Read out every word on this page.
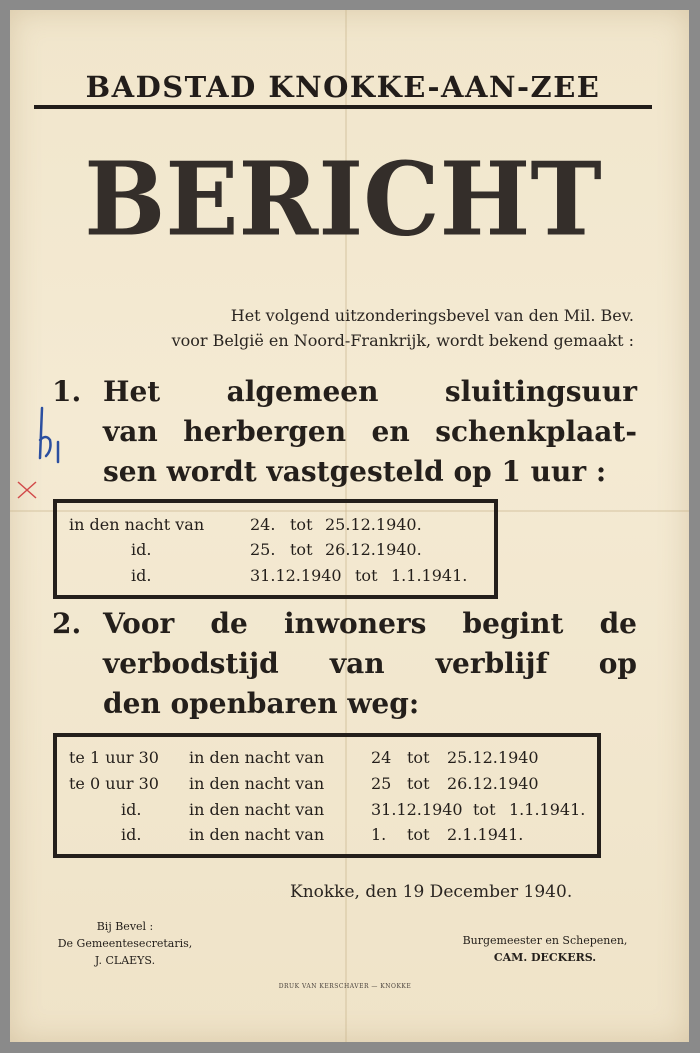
BADSTAD KNOKKE-AAN-ZEE
BERICHT
Het volgend uitzonderingsbevel van den Mil. Bev.
voor België en Noord-Frankrijk, wordt bekend gemaakt :
1. Het algemeen sluitingsuur
van herbergen en schenkplaat-
sen wordt vastgesteld op 1 uur :
in den nacht van	24. tot 25.12.1940.
id.	25. tot 26.12.1940.
id.	31.12.1940 tot 1.1.1941.
2. Voor de inwoners begint de
verbodstijd van verblijf op
den openbaren weg:
te 1 uur 30 in den nacht van	24 tot 25.12.1940
te 0 uur 30 in den nacht van	25 tot 26.12.1940
id.	in den nacht van	31.12.1940 tot 1.1.1941.
id.	in den nacht van	1. tot 2.1.1941.
Knokke, den 19 December 1940.
Bij Bevel :
De Gemeentesecretaris,
J. CLAEYS.
Burgemeester en Schepenen,
CAM. DECKERS.
DRUK VAN KERSCHAVER — KNOKKE
